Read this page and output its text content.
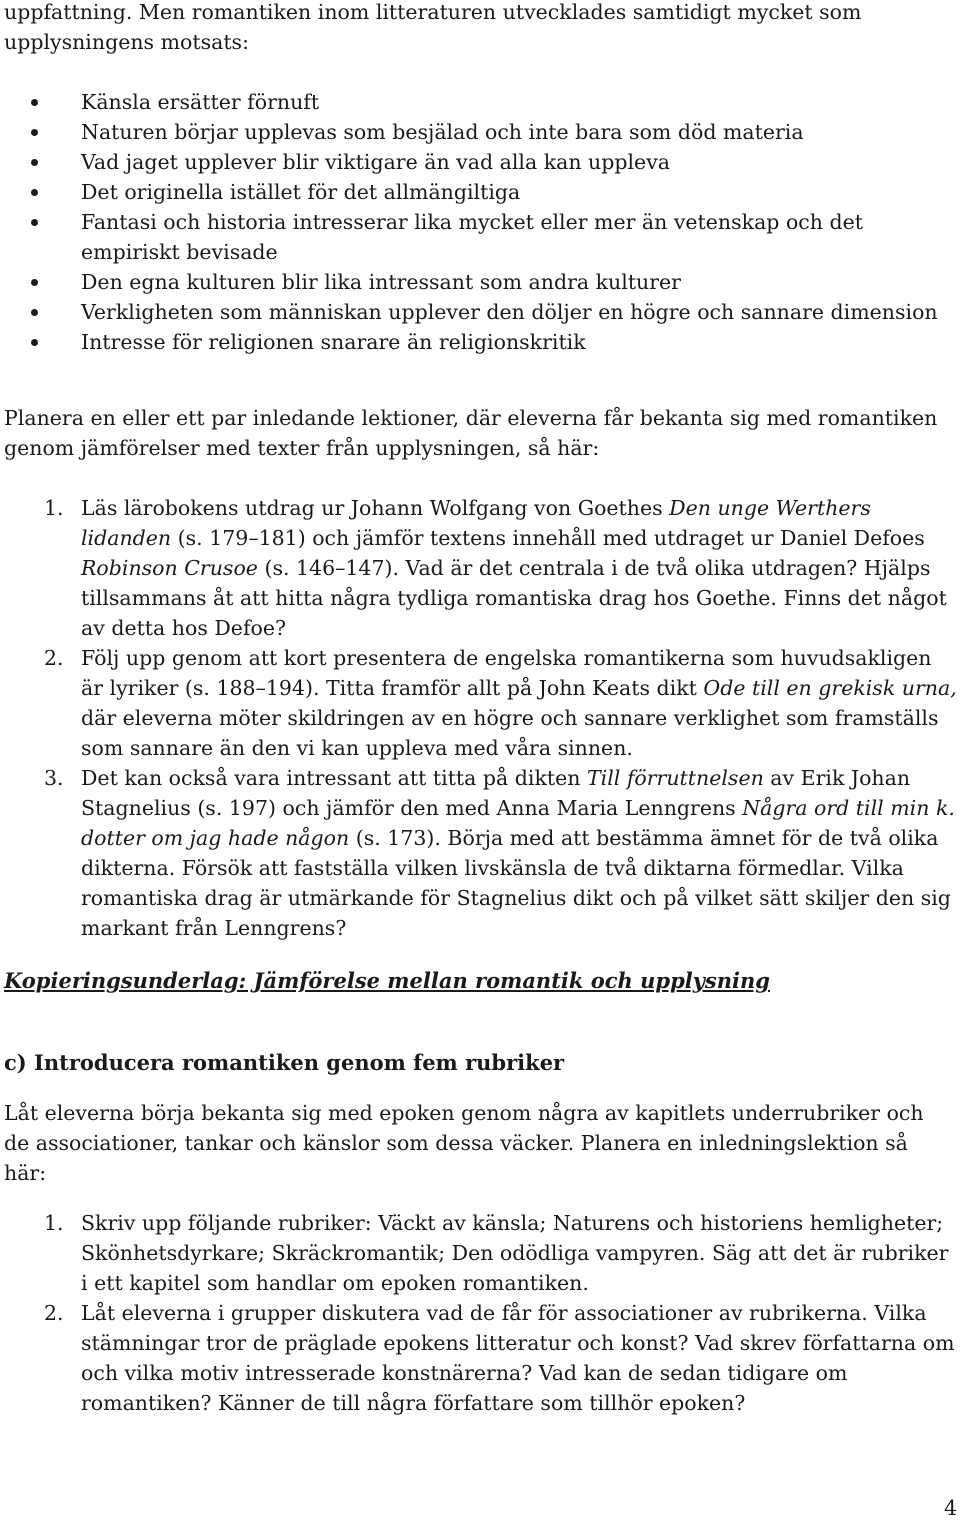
uppfattning. Men romantiken inom litteraturen utvecklades samtidigt mycket som upplysningens motsats:

Känsla ersätter förnuft
Naturen börjar upplevas som besjälad och inte bara som död materia
Vad jaget upplever blir viktigare än vad alla kan uppleva
Det originella istället för det allmängiltiga
Fantasi och historia intresserar lika mycket eller mer än vetenskap och det empiriskt bevisade
Den egna kulturen blir lika intressant som andra kulturer
Verkligheten som människan upplever den döljer en högre och sannare dimension
Intresse för religionen snarare än religionskritik

Planera en eller ett par inledande lektioner, där eleverna får bekanta sig med romantiken genom jämförelser med texter från upplysningen, så här:

1. Läs lärobokens utdrag ur Johann Wolfgang von Goethes Den unge Werthers lidanden (s. 179–181) och jämför textens innehåll med utdraget ur Daniel Defoes Robinson Crusoe (s. 146–147). Vad är det centrala i de två olika utdragen? Hjälps tillsammans åt att hitta några tydliga romantiska drag hos Goethe. Finns det något av detta hos Defoe?
2. Följ upp genom att kort presentera de engelska romantikerna som huvudsakligen är lyriker (s. 188–194). Titta framför allt på John Keats dikt Ode till en grekisk urna, där eleverna möter skildringen av en högre och sannare verklighet som framställs som sannare än den vi kan uppleva med våra sinnen.
3. Det kan också vara intressant att titta på dikten Till förruttnelsen av Erik Johan Stagnelius (s. 197) och jämför den med Anna Maria Lenngrens Några ord till min k. dotter om jag hade någon (s. 173). Börja med att bestämma ämnet för de två olika dikterna. Försök att fastställa vilken livskänsla de två diktarna förmedlar. Vilka romantiska drag är utmärkande för Stagnelius dikt och på vilket sätt skiljer den sig markant från Lenngrens?

Kopieringsunderlag: Jämförelse mellan romantik och upplysning

c) Introducera romantiken genom fem rubriker

Låt eleverna börja bekanta sig med epoken genom några av kapitlets underrubriker och de associationer, tankar och känslor som dessa väcker. Planera en inledningslektion så här:

1. Skriv upp följande rubriker: Väckt av känsla; Naturens och historiens hemligheter; Skönhetsdyrkare; Skräckromantik; Den odödliga vampyren. Säg att det är rubriker i ett kapitel som handlar om epoken romantiken.
2. Låt eleverna i grupper diskutera vad de får för associationer av rubrikerna. Vilka stämningar tror de präglade epokens litteratur och konst? Vad skrev författarna om och vilka motiv intresserade konstnärerna? Vad kan de sedan tidigare om romantiken? Känner de till några författare som tillhör epoken?
4
